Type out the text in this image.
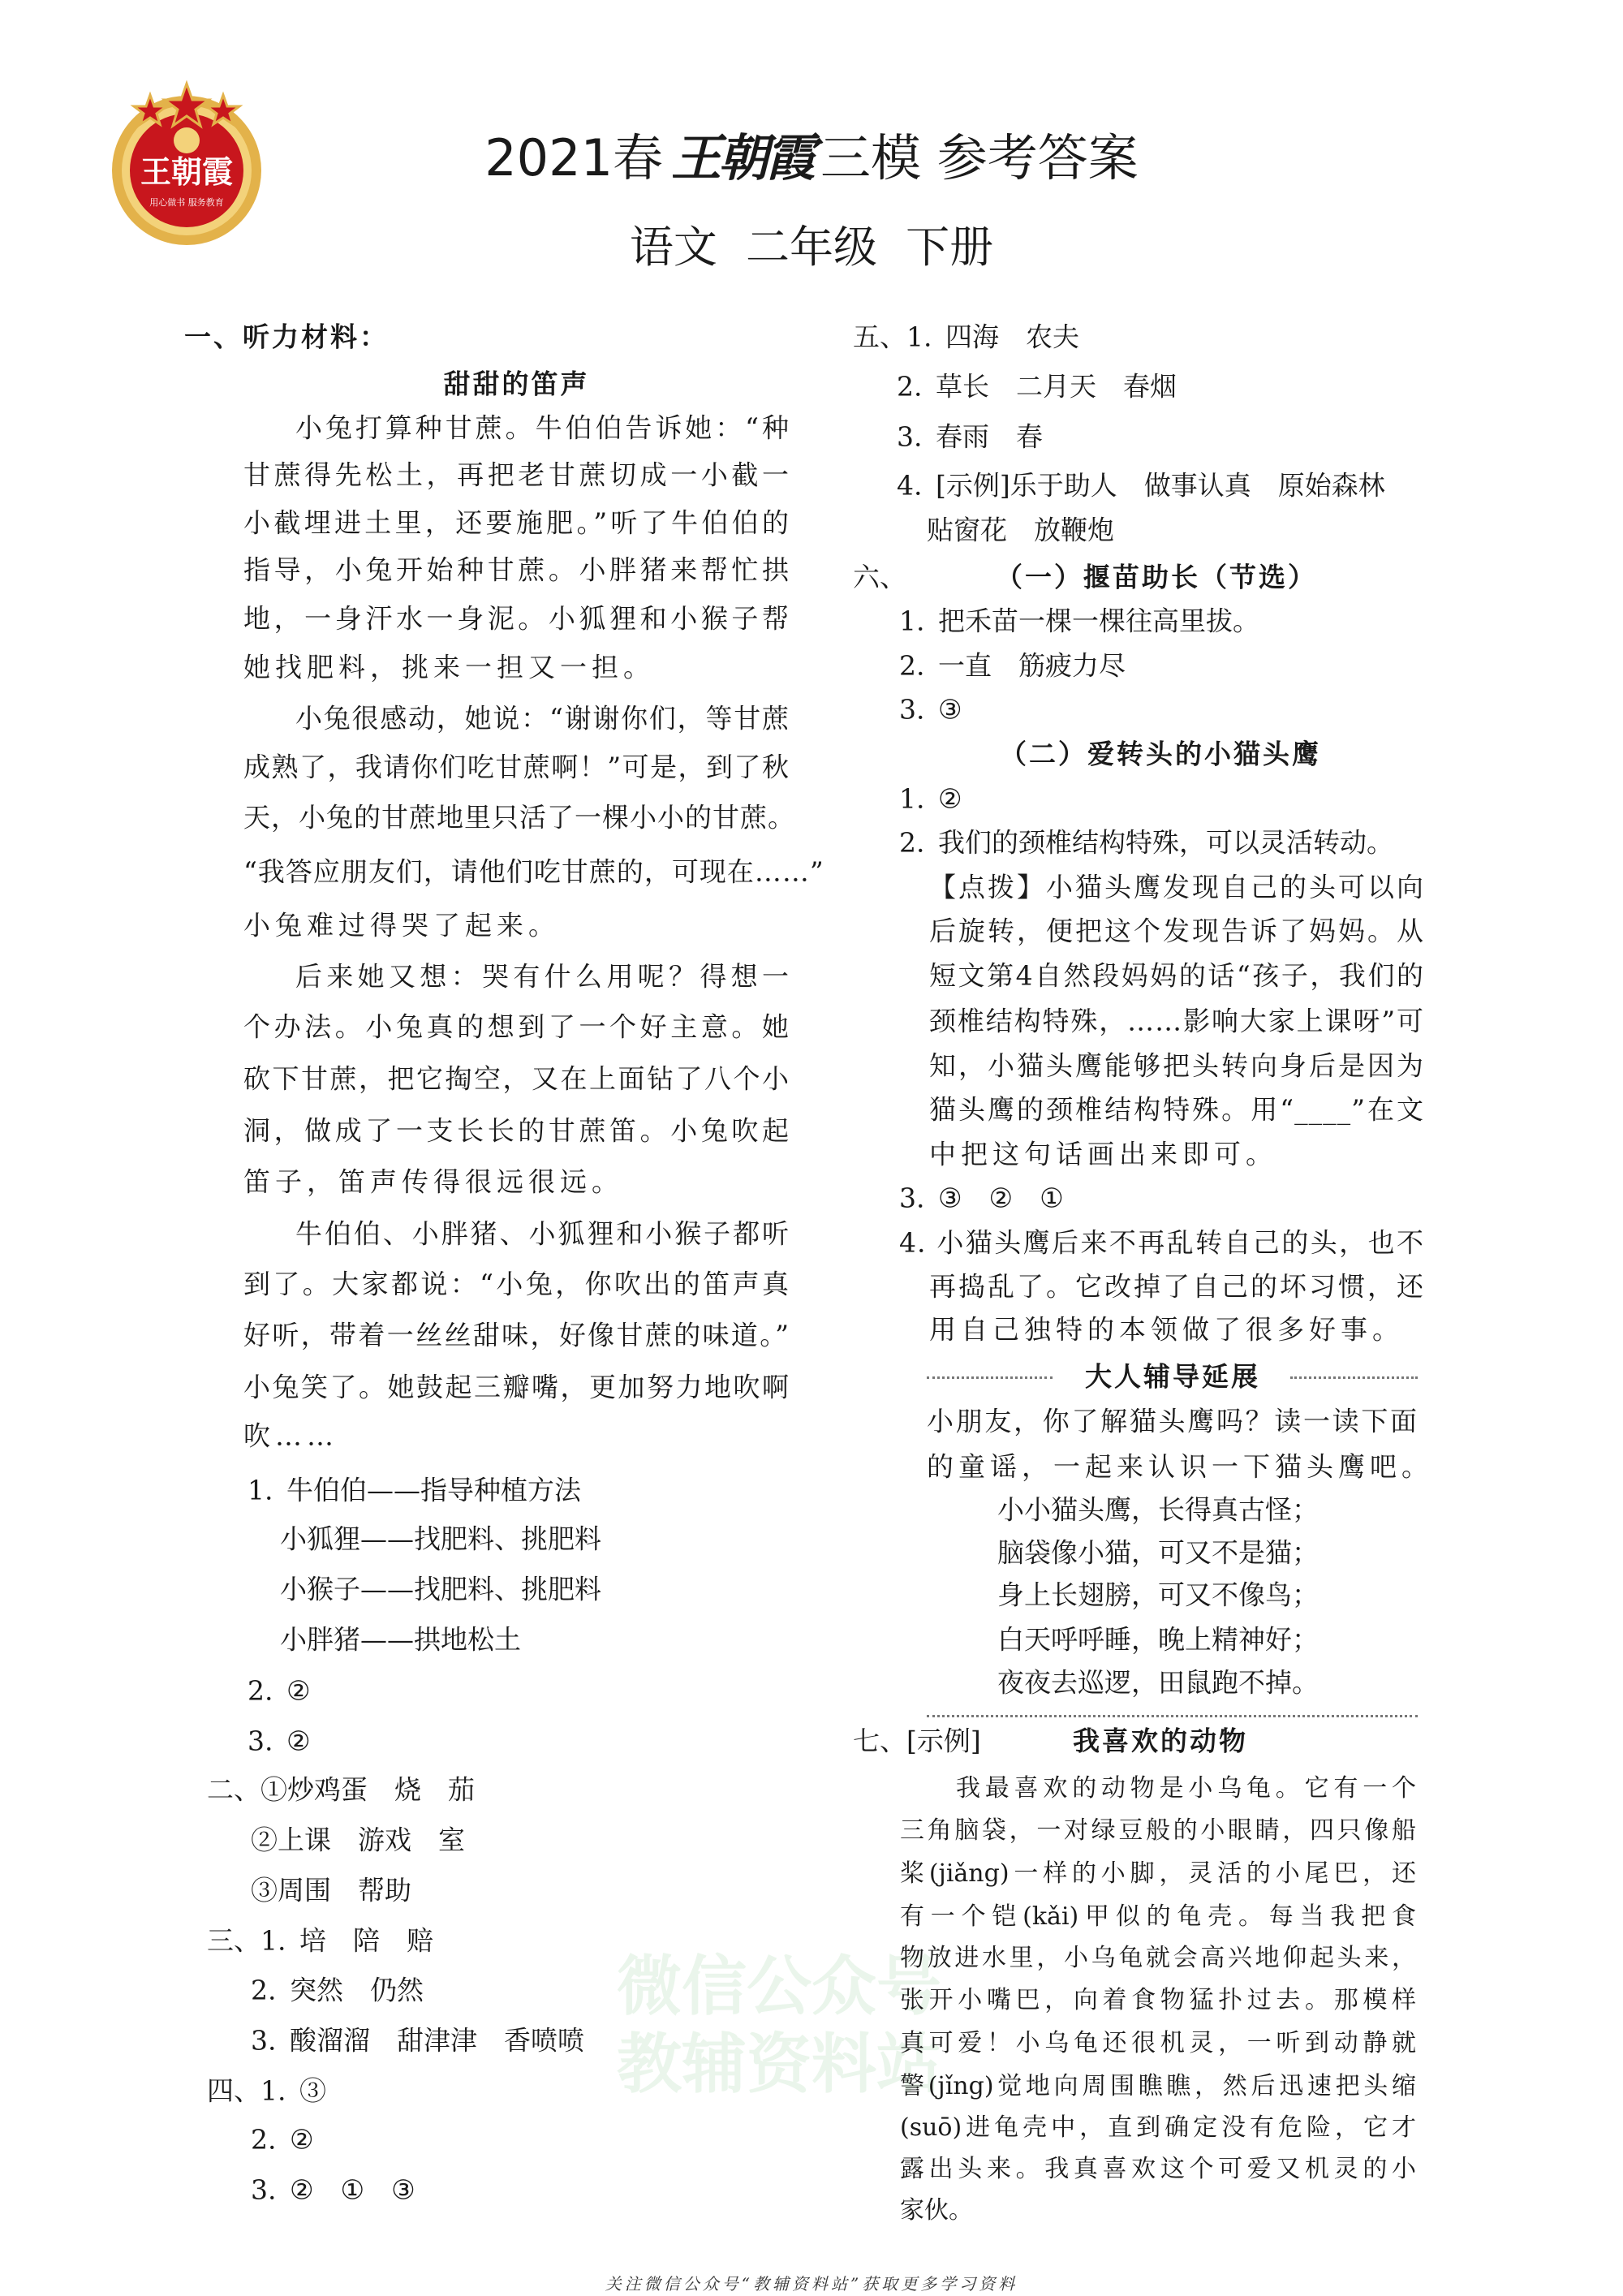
王朝霞
用心做书 服务教育
2021春 王朝霞 三模 参考答案
语文 二年级 下册
微信公众号
教辅资料站
关注微信公众号“教辅资料站”获取更多学习资料
一、听力材料：
甜甜的笛声
小兔打算种甘蔗。牛伯伯告诉她：“种
甘蔗得先松土，再把老甘蔗切成一小截一
小截埋进土里，还要施肥。”听了牛伯伯的
指导，小兔开始种甘蔗。小胖猪来帮忙拱
地，一身汗水一身泥。小狐狸和小猴子帮
她找肥料，挑来一担又一担。
小兔很感动，她说：“谢谢你们，等甘蔗
成熟了，我请你们吃甘蔗啊！”可是，到了秋
天，小兔的甘蔗地里只活了一棵小小的甘蔗。
“我答应朋友们，请他们吃甘蔗的，可现在……”
小兔难过得哭了起来。
后来她又想：哭有什么用呢？得想一
个办法。小兔真的想到了一个好主意。她
砍下甘蔗，把它掏空，又在上面钻了八个小
洞，做成了一支长长的甘蔗笛。小兔吹起
笛子，笛声传得很远很远。
牛伯伯、小胖猪、小狐狸和小猴子都听
到了。大家都说：“小兔，你吹出的笛声真
好听，带着一丝丝甜味，好像甘蔗的味道。”
小兔笑了。她鼓起三瓣嘴，更加努力地吹啊
吹……
1. 牛伯伯——指导种植方法
小狐狸——找肥料、挑肥料
小猴子——找肥料、挑肥料
小胖猪——拱地松土
2. ②
3. ②
二、①炒鸡蛋　烧　茄
②上课　游戏　室
③周围　帮助
三、1. 培　陪　赔
2. 突然　仍然
3. 酸溜溜　甜津津　香喷喷
四、1. ③
2. ②
3. ②　①　③
五、1. 四海　农夫
2. 草长　二月天　春烟
3. 春雨　春
4. [示例]乐于助人　做事认真　原始森林
贴窗花　放鞭炮
六、	（一）揠苗助长（节选）
1. 把禾苗一棵一棵往高里拔。
2. 一直　筋疲力尽
3. ③
（二）爱转头的小猫头鹰
1. ②
2. 我们的颈椎结构特殊，可以灵活转动。
【点拨】小猫头鹰发现自己的头可以向
后旋转，便把这个发现告诉了妈妈。从
短文第4自然段妈妈的话“孩子，我们的
颈椎结构特殊，……影响大家上课呀”可
知，小猫头鹰能够把头转向身后是因为
猫头鹰的颈椎结构特殊。用“____”在文
中把这句话画出来即可。
3. ③　②　①
4. 小猫头鹰后来不再乱转自己的头，也不
再捣乱了。它改掉了自己的坏习惯，还
用自己独特的本领做了很多好事。
大人辅导延展
小朋友，你了解猫头鹰吗？读一读下面
的童谣，一起来认识一下猫头鹰吧。
小小猫头鹰，长得真古怪；
脑袋像小猫，可又不是猫；
身上长翅膀，可又不像鸟；
白天呼呼睡，晚上精神好；
夜夜去巡逻，田鼠跑不掉。
七、[示例]	我喜欢的动物
我最喜欢的动物是小乌龟。它有一个
三角脑袋，一对绿豆般的小眼睛，四只像船
桨(jiǎng)一样的小脚，灵活的小尾巴，还
有一个铠(kǎi)甲似的龟壳。每当我把食
物放进水里，小乌龟就会高兴地仰起头来，
张开小嘴巴，向着食物猛扑过去。那模样
真可爱！小乌龟还很机灵，一听到动静就
警(jǐng)觉地向周围瞧瞧，然后迅速把头缩
(suō)进龟壳中，直到确定没有危险，它才
露出头来。我真喜欢这个可爱又机灵的小
家伙。
